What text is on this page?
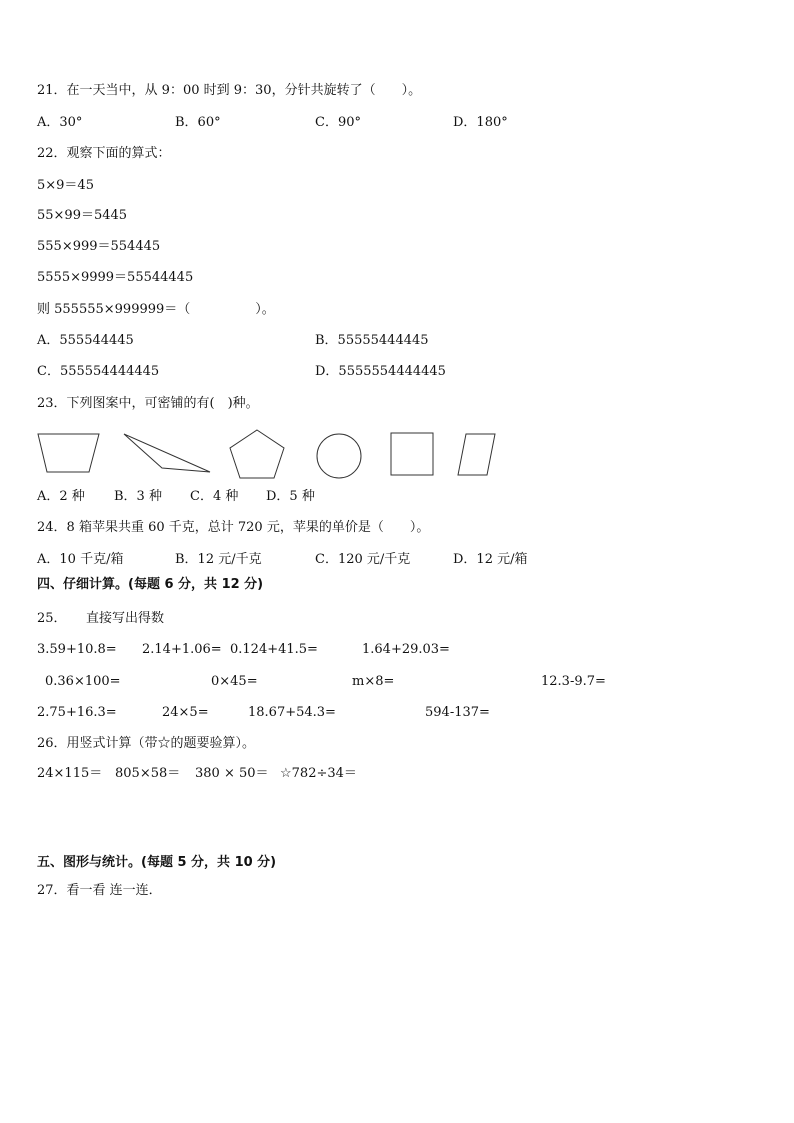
21．在一天当中，从 9：00 时到 9：30，分针共旋转了（　　）。
A．30°	B．60°	C．90°	D．180°
22．观察下面的算式：
5×9＝45
55×99＝5445
555×999＝554445
5555×9999＝55544445
则 555555×999999＝（　　　　　）。
A．555544445	B．55555444445
C．555554444445	D．5555554444445
23．下列图案中，可密铺的有(　)种。
A．2 种 B．3 种 C．4 种 D．5 种
24．8 箱苹果共重 60 千克，总计 720 元，苹果的单价是（　　）。
A．10 千克/箱	B．12 元/千克	C．120 元/千克	D．12 元/箱
四、仔细计算。(每题 6 分，共 12 分)
25．　　直接写出得数
3.59+10.8= 2.14+1.06= 0.124+41.5=	1.64+29.03=
0.36×100=	0×45=	m×8=	12.3-9.7=
2.75+16.3=	24×5=	18.67+54.3=	594-137=
26．用竖式计算（带☆的题要验算）。
24×115＝ 805×58＝ 380 × 50＝ ☆782÷34＝
五、图形与统计。(每题 5 分，共 10 分)
27．看一看 连一连．
